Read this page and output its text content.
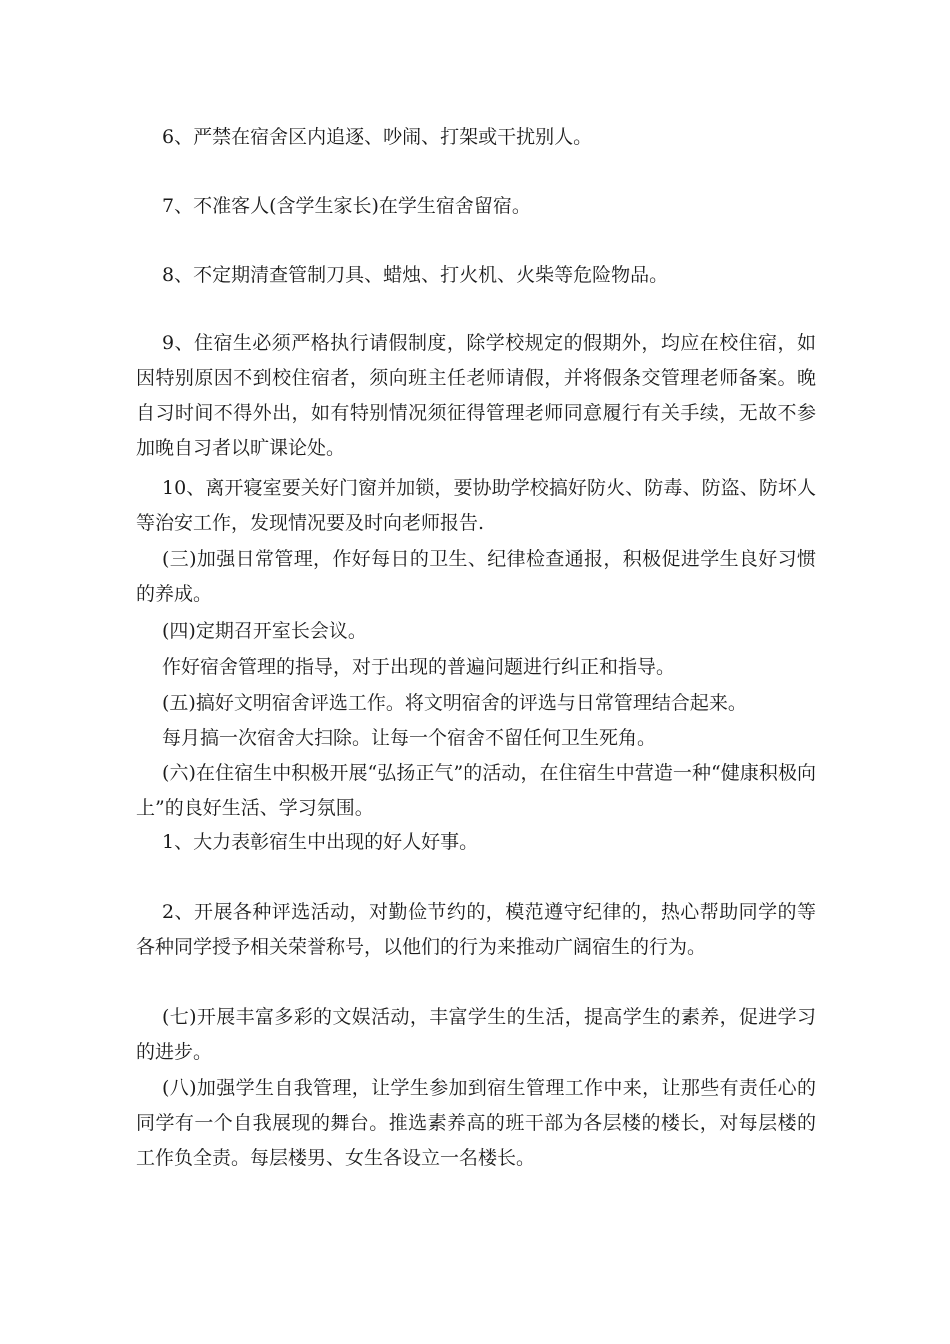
6、严禁在宿舍区内追逐、吵闹、打架或干扰别人。

7、不准客人(含学生家长)在学生宿舍留宿。

8、不定期清查管制刀具、蜡烛、打火机、火柴等危险物品。

9、住宿生必须严格执行请假制度，除学校规定的假期外，均应在校住宿，如因特别原因不到校住宿者，须向班主任老师请假，并将假条交管理老师备案。晚自习时间不得外出，如有特别情况须征得管理老师同意履行有关手续，无故不参加晚自习者以旷课论处。

10、离开寝室要关好门窗并加锁，要协助学校搞好防火、防毒、防盗、防坏人等治安工作，发现情况要及时向老师报告.

(三)加强日常管理，作好每日的卫生、纪律检查通报，积极促进学生良好习惯的养成。

(四)定期召开室长会议。

作好宿舍管理的指导，对于出现的普遍问题进行纠正和指导。

(五)搞好文明宿舍评选工作。将文明宿舍的评选与日常管理结合起来。

每月搞一次宿舍大扫除。让每一个宿舍不留任何卫生死角。

(六)在住宿生中积极开展“弘扬正气”的活动，在住宿生中营造一种“健康积极向上”的良好生活、学习氛围。

1、大力表彰宿生中出现的好人好事。

2、开展各种评选活动，对勤俭节约的，模范遵守纪律的，热心帮助同学的等各种同学授予相关荣誉称号，以他们的行为来推动广阔宿生的行为。

(七)开展丰富多彩的文娱活动，丰富学生的生活，提高学生的素养，促进学习的进步。

(八)加强学生自我管理，让学生参加到宿生管理工作中来，让那些有责任心的同学有一个自我展现的舞台。推选素养高的班干部为各层楼的楼长，对每层楼的工作负全责。每层楼男、女生各设立一名楼长。
